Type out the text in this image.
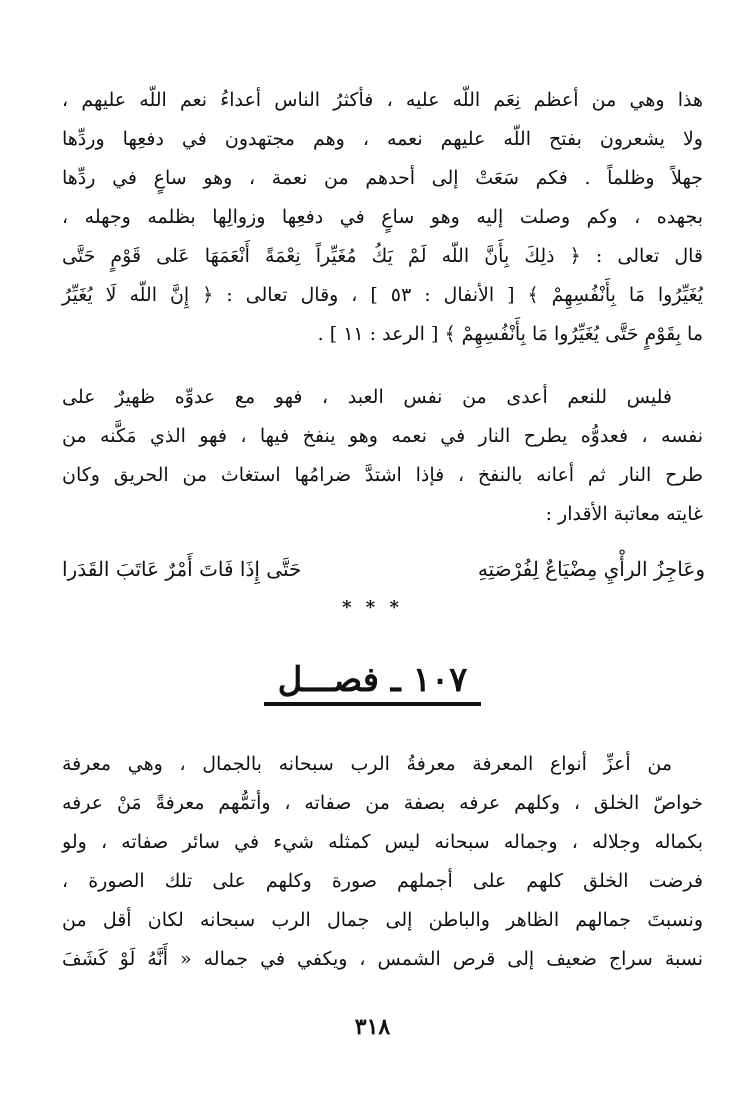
هذا وهي من أعظم نِعَم اللّه عليه ، فأكثرُ الناس أعداءُ نعم اللّه عليهم ،
ولا يشعرون بفتح اللّه عليهم نعمه ، وهم مجتهدون في دفعِها وردِّها
جهلاً وظلماً . فكم سَعَتْ إلى أحدهم من نعمة ، وهو ساعٍ في ردِّها
بجهده ، وكم وصلت إليه وهو ساعٍ في دفعِها وزوالِها بظلمه وجهله ،
قال تعالى : ﴿ ذلِكَ بِأَنَّ اللّه لَمْ يَكُ مُغَيِّراً نِعْمَةً أَنْعَمَهَا عَلى قَوْمٍ حَتَّى
يُغَيِّرُوا مَا بِأَنْفُسِهِمْ ﴾ [ الأنفال : ٥٣ ] ، وقال تعالى : ﴿ إِنَّ اللّه لَا يُغَيِّرُ
ما بِقَوْمٍ حَتَّى يُغَيِّرُوا مَا بِأَنْفُسِهِمْ ﴾ [ الرعد : ١١ ] .
فليس للنعم أعدى من نفس العبد ، فهو مع عدوِّه ظهيرٌ على
نفسه ، فعدوُّه يطرح النار في نعمه وهو ينفخ فيها ، فهو الذي مَكَّنه من
طرح النار ثم أعانه بالنفخ ، فإذا اشتدَّ ضرامُها استغاث من الحريق وكان
غايته معاتبة الأقدار :
وعَاجِزُ الرأْيِ مِضْيَاعٌ لِفُرْصَتِهِ
حَتَّى إِذَا فَاتَ أَمْرٌ عَاتَبَ القَدَرا
* * *
١٠٧ ـ فصـــل
من أعزِّ أنواع المعرفة معرفةُ الرب سبحانه بالجمال ، وهي معرفة
خواصّ الخلق ، وكلهم عرفه بصفة من صفاته ، وأتمُّهم معرفةً مَنْ عرفه
بكماله وجلاله ، وجماله سبحانه ليس كمثله شيء في سائر صفاته ، ولو
فرضت الخلق كلهم على أجملهم صورة وكلهم على تلك الصورة ،
ونسبتَ جمالهم الظاهر والباطن إلى جمال الرب سبحانه لكان أقل من
نسبة سراج ضعيف إلى قرص الشمس ، ويكفي في جماله « أَنَّهُ لَوْ كَشَفَ
٣١٨
